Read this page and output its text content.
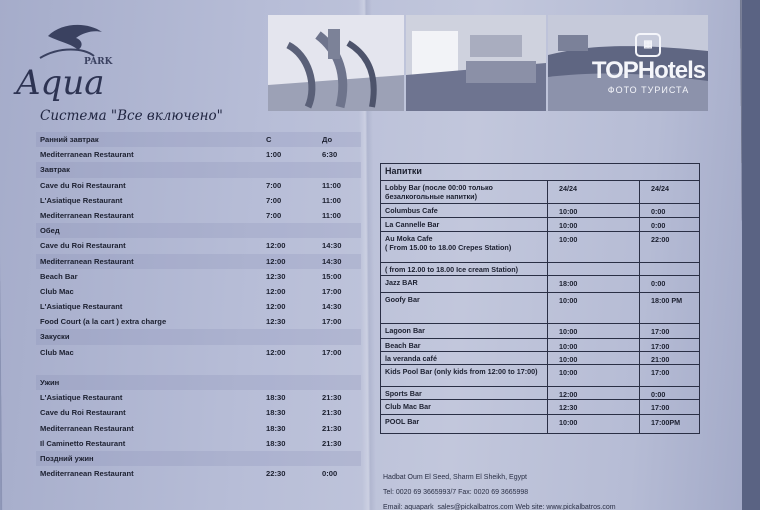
PARK
Aqua
▦TOPHotels
ФОТО ТУРИСТА
Система "Все включено"
Ранний завтрак	С	До
Mediterranean Restaurant	1:00	6:30
Завтрак
Cave du Roi Restaurant	7:00	11:00
L'Asiatique Restaurant	7:00	11:00
Mediterranean Restaurant	7:00	11:00
Обед
Cave du Roi Restaurant	12:00	14:30
Mediterranean Restaurant	12:00	14:30
Beach Bar	12:30	15:00
Club Mac	12:00	17:00
L'Asiatique Restaurant	12:00	14:30
Food Court (a la cart ) extra charge	12:30	17:00
Закуски
Club Mac	12:00	17:00
Ужин
L'Asiatique Restaurant	18:30	21:30
Cave du Roi Restaurant	18:30	21:30
Mediterranean Restaurant	18:30	21:30
Il Caminetto Restaurant	18:30	21:30
Поздний ужин
Mediterranean Restaurant	22:30	0:00
Напитки
Lobby Bar (после 00:00 только безалкогольные напитки)
24/24	24/24
Columbus Cafe	10:00	0:00
La Cannelle Bar	10:00	0:00
Au Moka Cafe
( From 15.00 to 18.00 Crepes Station)
10:00	22:00
( from 12.00 to 18.00 Ice cream Station)
Jazz BAR	18:00	0:00
Goofy Bar	10:00	18:00 PM
Lagoon Bar	10:00	17:00
Beach Bar	10:00	17:00
la veranda café	10:00	21:00
Kids Pool Bar (only kids from 12:00 to 17:00)	10:00	17:00
Sports Bar	12:00	0:00
Club Mac Bar	12:30	17:00
POOL Bar	10:00	17:00PM
Hadbat Oum El Seed, Sharm El Sheikh, Egypt
Tel: 0020 69 3665993/7 Fax: 0020 69 3665998
Email: aquapark_sales@pickalbatros.com Web site: www.pickalbatros.com
